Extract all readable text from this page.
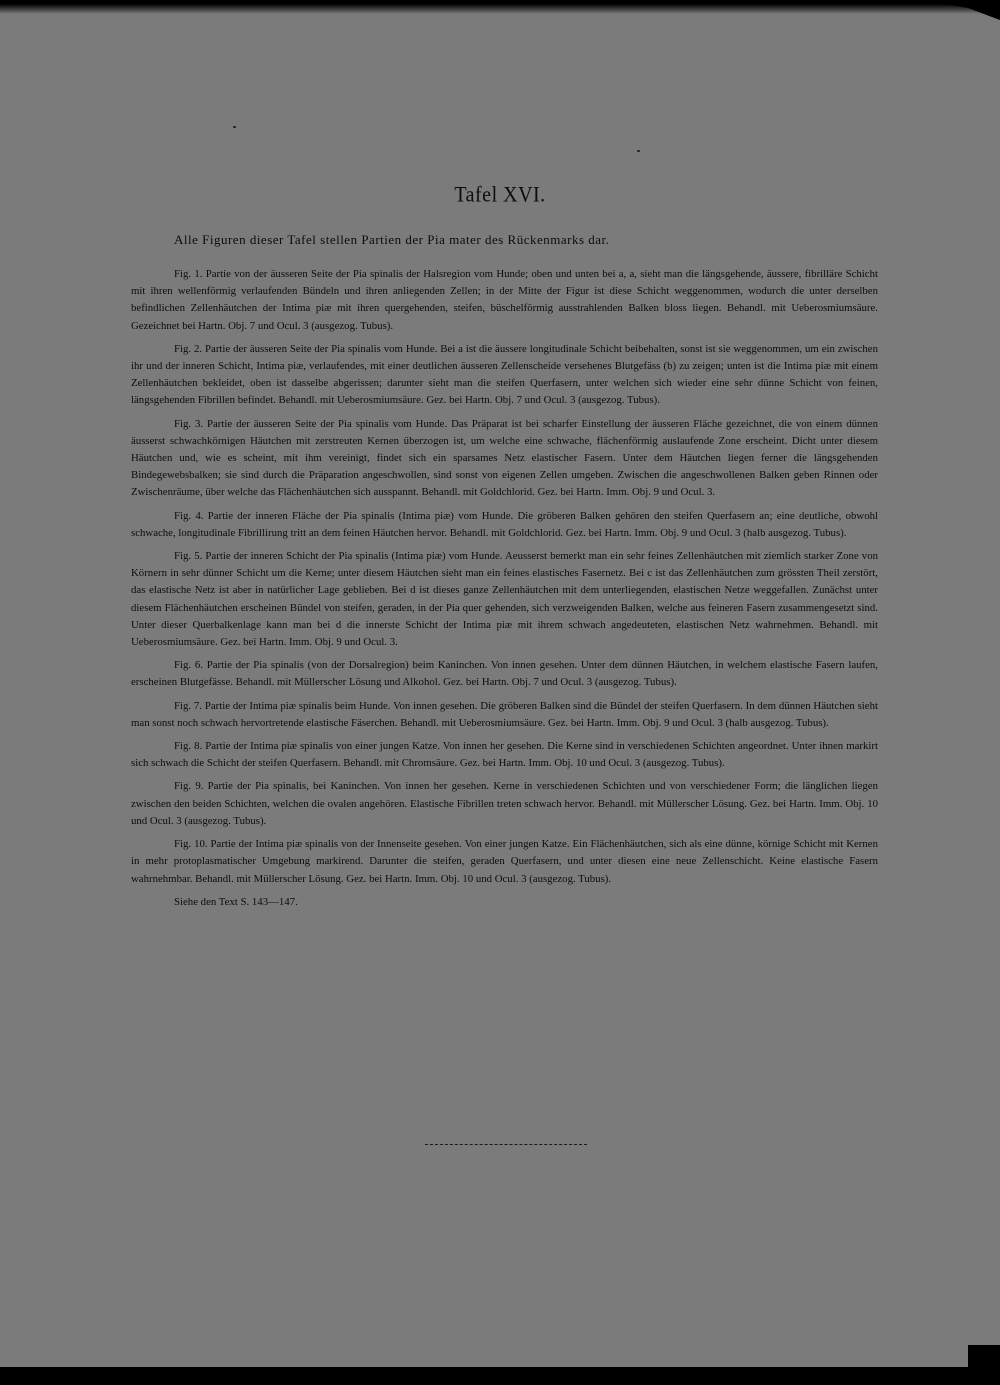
Tafel XVI.
Alle Figuren dieser Tafel stellen Partien der Pia mater des Rückenmarks dar.

Fig. 1. Partie von der äusseren Seite der Pia spinalis der Halsregion vom Hunde; oben und unten bei a, a, sieht man die längsgehende, äussere, fibrilläre Schicht mit ihren wellenförmig verlaufenden Bündeln und ihren anliegenden Zellen; in der Mitte der Figur ist diese Schicht weggenommen, wodurch die unter derselben befindlichen Zellenhäutchen der Intima piæ mit ihren quergehenden, steifen, büschelförmig ausstrahlenden Balken bloss liegen. Behandl. mit Ueberosmiumsäure. Gezeichnet bei Hartn. Obj. 7 und Ocul. 3 (ausgezog. Tubus).

Fig. 2. Partie der äusseren Seite der Pia spinalis vom Hunde. Bei a ist die äussere longitudinale Schicht beibehalten, sonst ist sie weggenommen, um ein zwischen ihr und der inneren Schicht, Intima piæ, verlaufendes, mit einer deutlichen äusseren Zellenscheide versehenes Blutgefäss (b) zu zeigen; unten ist die Intima piæ mit einem Zellenhäutchen bekleidet, oben ist dasselbe abgerissen; darunter sieht man die steifen Querfasern, unter welchen sich wieder eine sehr dünne Schicht von feinen, längsgehenden Fibrillen befindet. Behandl. mit Ueberosmiumsäure. Gez. bei Hartn. Obj. 7 und Ocul. 3 (ausgezog. Tubus).

Fig. 3. Partie der äusseren Seite der Pia spinalis vom Hunde. Das Präparat ist bei scharfer Einstellung der äusseren Fläche gezeichnet, die von einem dünnen äusserst schwachkörnigen Häutchen mit zerstreuten Kernen überzogen ist, um welche eine schwache, flächenförmig auslaufende Zone erscheint. Dicht unter diesem Häutchen und, wie es scheint, mit ihm vereinigt, findet sich ein sparsames Netz elastischer Fasern. Unter dem Häutchen liegen ferner die längsgehenden Bindegewebsbalken; sie sind durch die Präparation angeschwollen, sind sonst von eigenen Zellen umgeben. Zwischen die angeschwollenen Balken geben Rinnen oder Zwischenräume, über welche das Flächenhäutchen sich ausspannt. Behandl. mit Goldchlorid. Gez. bei Hartn. Imm. Obj. 9 und Ocul. 3.

Fig. 4. Partie der inneren Fläche der Pia spinalis (Intima piæ) vom Hunde. Die gröberen Balken gehören den steifen Querfasern an; eine deutliche, obwohl schwache, longitudinale Fibrillirung tritt an dem feinen Häutchen hervor. Behandl. mit Goldchlorid. Gez. bei Hartn. Imm. Obj. 9 und Ocul. 3 (halb ausgezog. Tubus).

Fig. 5. Partie der inneren Schicht der Pia spinalis (Intima piæ) vom Hunde. Aeusserst bemerkt man ein sehr feines Zellenhäutchen mit ziemlich starker Zone von Körnern in sehr dünner Schicht um die Kerne; unter diesem Häutchen sieht man ein feines elastisches Fasernetz. Bei c ist das Zellenhäutchen zum grössten Theil zerstört, das elastische Netz ist aber in natürlicher Lage geblieben. Bei d ist dieses ganze Zellenhäutchen mit dem unterliegenden, elastischen Netze weggefallen. Zunächst unter diesem Flächenhäutchen erscheinen Bündel von steifen, geraden, in der Pia quer gehenden, sich verzweigenden Balken, welche aus feineren Fasern zusammengesetzt sind. Unter dieser Querbalkenlage kann man bei d die innerste Schicht der Intima piæ mit ihrem schwach angedeuteten, elastischen Netz wahrnehmen. Behandl. mit Ueberosmiumsäure. Gez. bei Hartn. Imm. Obj. 9 und Ocul. 3.

Fig. 6. Partie der Pia spinalis (von der Dorsalregion) beim Kaninchen. Von innen gesehen. Unter dem dünnen Häutchen, in welchem elastische Fasern laufen, erscheinen Blutgefässe. Behandl. mit Müllerscher Lösung und Alkohol. Gez. bei Hartn. Obj. 7 und Ocul. 3 (ausgezog. Tubus).

Fig. 7. Partie der Intima piæ spinalis beim Hunde. Von innen gesehen. Die gröberen Balken sind die Bündel der steifen Querfasern. In dem dünnen Häutchen sieht man sonst noch schwach hervortretende elastische Fäserchen. Behandl. mit Ueberosmiumsäure. Gez. bei Hartn. Imm. Obj. 9 und Ocul. 3 (halb ausgezog. Tubus).

Fig. 8. Partie der Intima piæ spinalis von einer jungen Katze. Von innen her gesehen. Die Kerne sind in verschiedenen Schichten angeordnet. Unter ihnen markirt sich schwach die Schicht der steifen Querfasern. Behandl. mit Chromsäure. Gez. bei Hartn. Imm. Obj. 10 und Ocul. 3 (ausgezog. Tubus).

Fig. 9. Partie der Pia spinalis, bei Kaninchen. Von innen her gesehen. Kerne in verschiedenen Schichten und von verschiedener Form; die länglichen liegen zwischen den beiden Schichten, welchen die ovalen angehören. Elastische Fibrillen treten schwach hervor. Behandl. mit Müllerscher Lösung. Gez. bei Hartn. Imm. Obj. 10 und Ocul. 3 (ausgezog. Tubus).

Fig. 10. Partie der Intima piæ spinalis von der Innenseite gesehen. Von einer jungen Katze. Ein Flächenhäutchen, sich als eine dünne, körnige Schicht mit Kernen in mehr protoplasmatischer Umgebung markirend. Darunter die steifen, geraden Querfasern, und unter diesen eine neue Zellenschicht. Keine elastische Fasern wahrnehmbar. Behandl. mit Müllerscher Lösung. Gez. bei Hartn. Imm. Obj. 10 und Ocul. 3 (ausgezog. Tubus).

Siehe den Text S. 143—147.
